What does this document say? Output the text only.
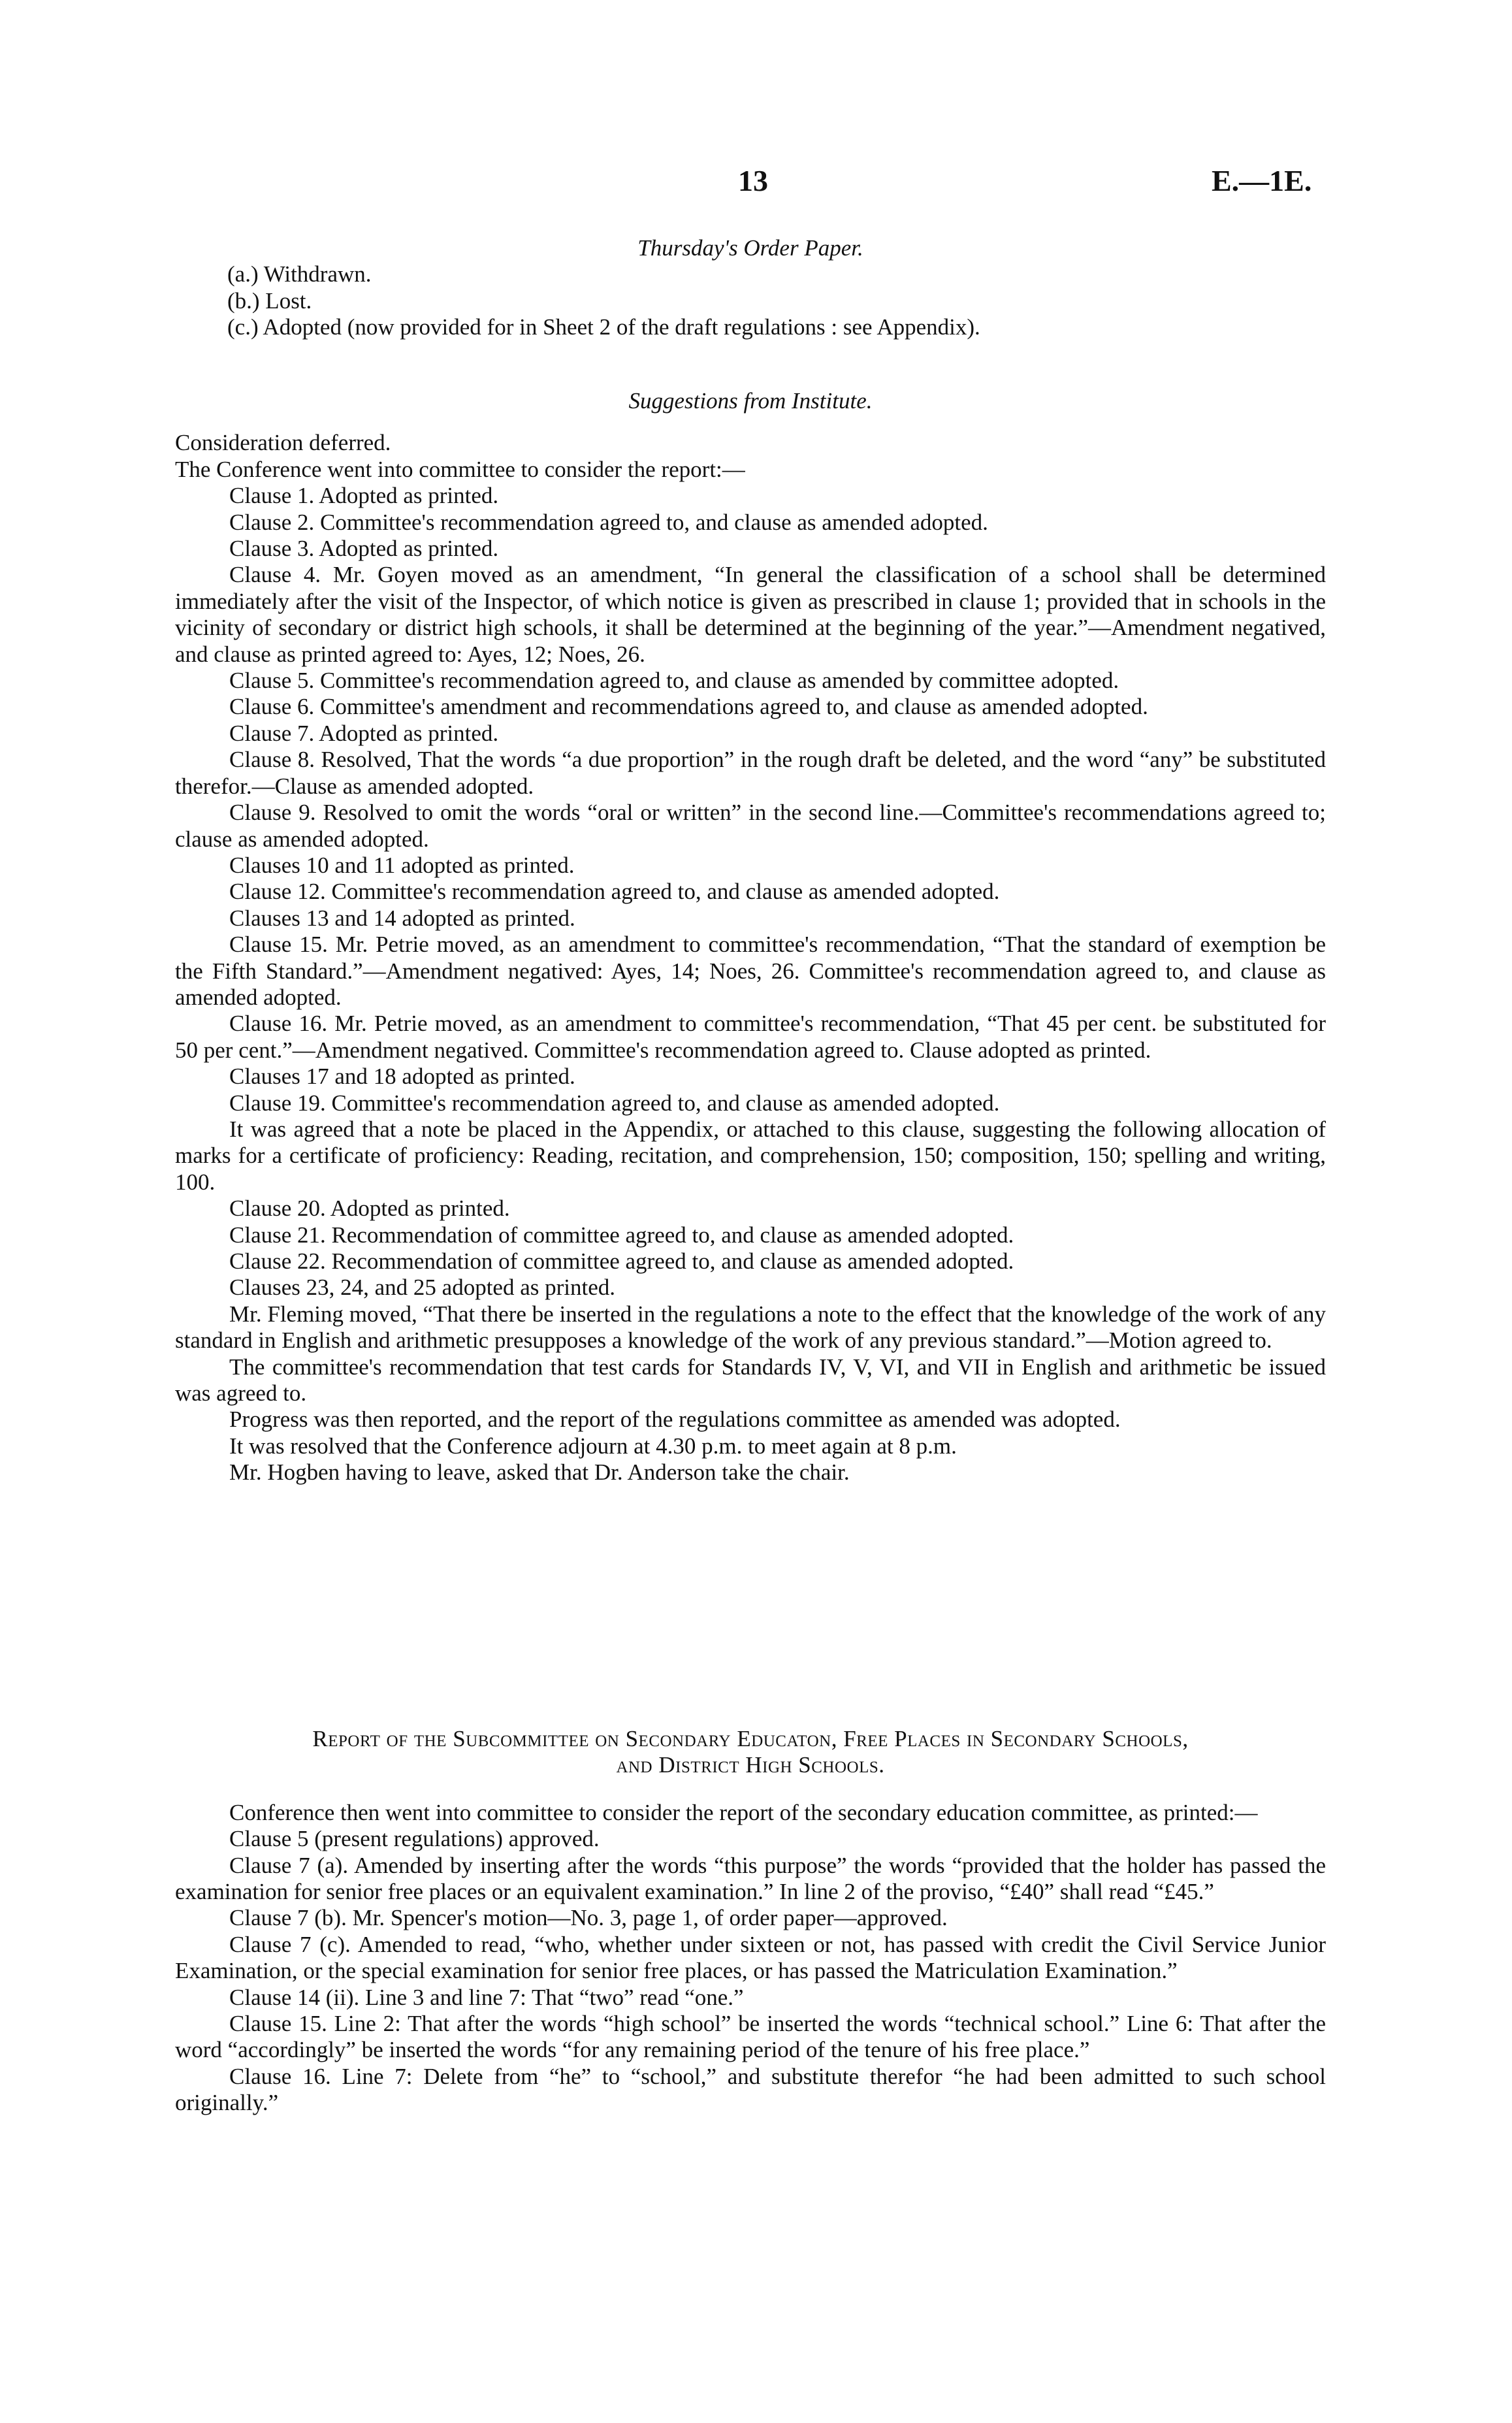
13	E.—1E.

Thursday's Order Paper.

(a.) Withdrawn.
(b.) Lost.
(c.) Adopted (now provided for in Sheet 2 of the draft regulations : see Appendix).

Suggestions from Institute.

Consideration deferred.

The Conference went into committee to consider the report:—

Clause 1. Adopted as printed.

Clause 2. Committee's recommendation agreed to, and clause as amended adopted.

Clause 3. Adopted as printed.

Clause 4. Mr. Goyen moved as an amendment, “In general the classification of a school shall be determined immediately after the visit of the Inspector, of which notice is given as prescribed in clause 1; provided that in schools in the vicinity of secondary or district high schools, it shall be determined at the beginning of the year.”—Amendment negatived, and clause as printed agreed to: Ayes, 12; Noes, 26.

Clause 5. Committee's recommendation agreed to, and clause as amended by committee adopted.

Clause 6. Committee's amendment and recommendations agreed to, and clause as amended adopted.

Clause 7. Adopted as printed.

Clause 8. Resolved, That the words “a due proportion” in the rough draft be deleted, and the word “any” be substituted therefor.—Clause as amended adopted.

Clause 9. Resolved to omit the words “oral or written” in the second line.—Committee's recommendations agreed to; clause as amended adopted.

Clauses 10 and 11 adopted as printed.

Clause 12. Committee's recommendation agreed to, and clause as amended adopted.

Clauses 13 and 14 adopted as printed.

Clause 15. Mr. Petrie moved, as an amendment to committee's recommendation, “That the standard of exemption be the Fifth Standard.”—Amendment negatived: Ayes, 14; Noes, 26. Committee's recommendation agreed to, and clause as amended adopted.

Clause 16. Mr. Petrie moved, as an amendment to committee's recommendation, “That 45 per cent. be substituted for 50 per cent.”—Amendment negatived. Committee's recommendation agreed to. Clause adopted as printed.

Clauses 17 and 18 adopted as printed.

Clause 19. Committee's recommendation agreed to, and clause as amended adopted.

It was agreed that a note be placed in the Appendix, or attached to this clause, suggesting the following allocation of marks for a certificate of proficiency: Reading, recitation, and comprehension, 150; composition, 150; spelling and writing, 100.

Clause 20. Adopted as printed.

Clause 21. Recommendation of committee agreed to, and clause as amended adopted.

Clause 22. Recommendation of committee agreed to, and clause as amended adopted.

Clauses 23, 24, and 25 adopted as printed.

Mr. Fleming moved, “That there be inserted in the regulations a note to the effect that the knowledge of the work of any standard in English and arithmetic presupposes a knowledge of the work of any previous standard.”—Motion agreed to.

The committee's recommendation that test cards for Standards IV, V, VI, and VII in English and arithmetic be issued was agreed to.

Progress was then reported, and the report of the regulations committee as amended was adopted.

It was resolved that the Conference adjourn at 4.30 p.m. to meet again at 8 p.m.

Mr. Hogben having to leave, asked that Dr. Anderson take the chair.

Report of the Subcommittee on Secondary Educaton, Free Places in Secondary Schools,

and District High Schools.

Conference then went into committee to consider the report of the secondary education committee, as printed:—

Clause 5 (present regulations) approved.

Clause 7 (a). Amended by inserting after the words “this purpose” the words “provided that the holder has passed the examination for senior free places or an equivalent examination.” In line 2 of the proviso, “£40” shall read “£45.”

Clause 7 (b). Mr. Spencer's motion—No. 3, page 1, of order paper—approved.

Clause 7 (c). Amended to read, “who, whether under sixteen or not, has passed with credit the Civil Service Junior Examination, or the special examination for senior free places, or has passed the Matriculation Examination.”

Clause 14 (ii). Line 3 and line 7: That “two” read “one.”

Clause 15. Line 2: That after the words “high school” be inserted the words “technical school.” Line 6: That after the word “accordingly” be inserted the words “for any remaining period of the tenure of his free place.”

Clause 16. Line 7: Delete from “he” to “school,” and substitute therefor “he had been admitted to such school originally.”
